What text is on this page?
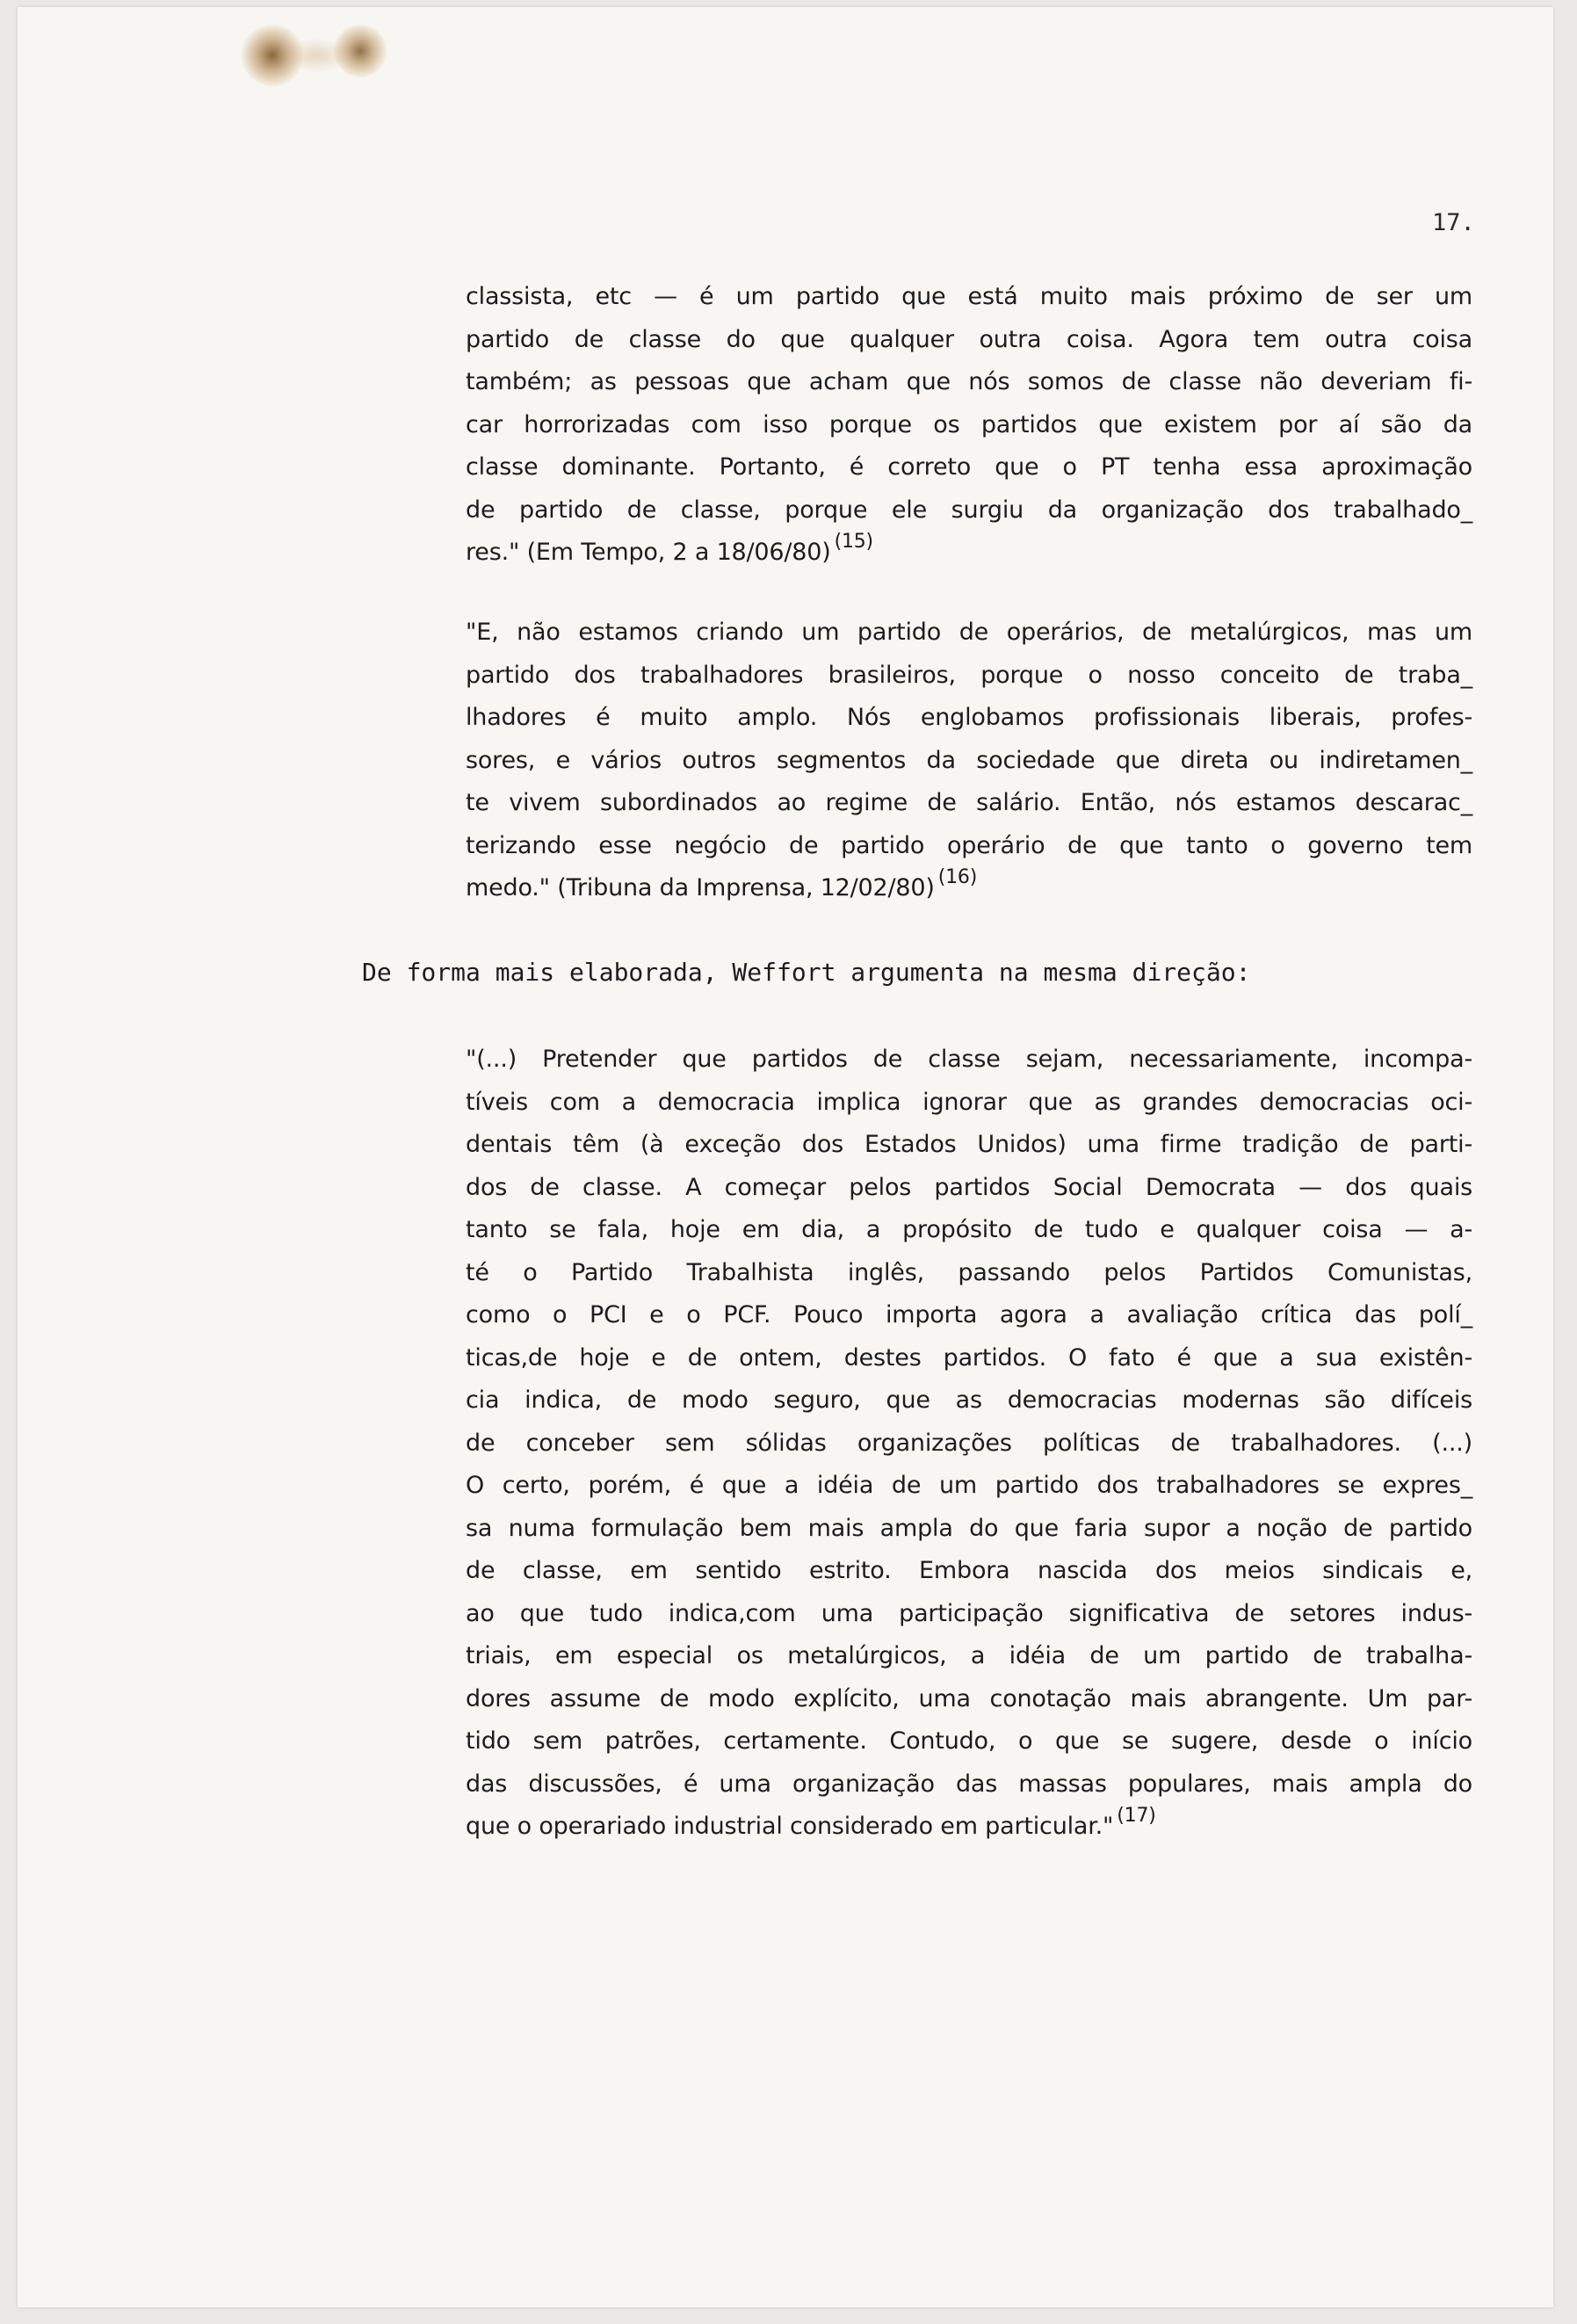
17.
classista, etc — é um partido que está muito mais próximo de ser um
partido de classe do que qualquer outra coisa. Agora tem outra coisa
também; as pessoas que acham que nós somos de classe não deveriam fi-
car horrorizadas com isso porque os partidos que existem por aí são da
classe dominante. Portanto, é correto que o PT tenha essa aproximação
de partido de classe, porque ele surgiu da organização dos trabalhado_
res." (Em Tempo, 2 a 18/06/80) $^{(15)}$
"E, não estamos criando um partido de operários, de metalúrgicos, mas um
partido dos trabalhadores brasileiros, porque o nosso conceito de traba_
lhadores é muito amplo. Nós englobamos profissionais liberais, profes-
sores, e vários outros segmentos da sociedade que direta ou indiretamen_
te vivem subordinados ao regime de salário. Então, nós estamos descarac_
terizando esse negócio de partido operário de que tanto o governo tem
medo." (Tribuna da Imprensa, 12/02/80) $^{(16)}$
De forma mais elaborada, Weffort argumenta na mesma direção:
"(...) Pretender que partidos de classe sejam, necessariamente, incompa-
tíveis com a democracia implica ignorar que as grandes democracias oci-
dentais têm (à exceção dos Estados Unidos) uma firme tradição de parti-
dos de classe. A começar pelos partidos Social Democrata — dos quais
tanto se fala, hoje em dia, a propósito de tudo e qualquer coisa — a-
té o Partido Trabalhista inglês, passando pelos Partidos Comunistas,
como o PCI e o PCF. Pouco importa agora a avaliação crítica das polí_
ticas,de hoje e de ontem, destes partidos. O fato é que a sua existên-
cia indica, de modo seguro, que as democracias modernas são difíceis
de conceber sem sólidas organizações políticas de trabalhadores. (...)
O certo, porém, é que a idéia de um partido dos trabalhadores se expres_
sa numa formulação bem mais ampla do que faria supor a noção de partido
de classe, em sentido estrito. Embora nascida dos meios sindicais e,
ao que tudo indica,com uma participação significativa de setores indus-
triais, em especial os metalúrgicos, a idéia de um partido de trabalha-
dores assume de modo explícito, uma conotação mais abrangente. Um par-
tido sem patrões, certamente. Contudo, o que se sugere, desde o início
das discussões, é uma organização das massas populares, mais ampla do
que o operariado industrial considerado em particular." $^{(17)}$
